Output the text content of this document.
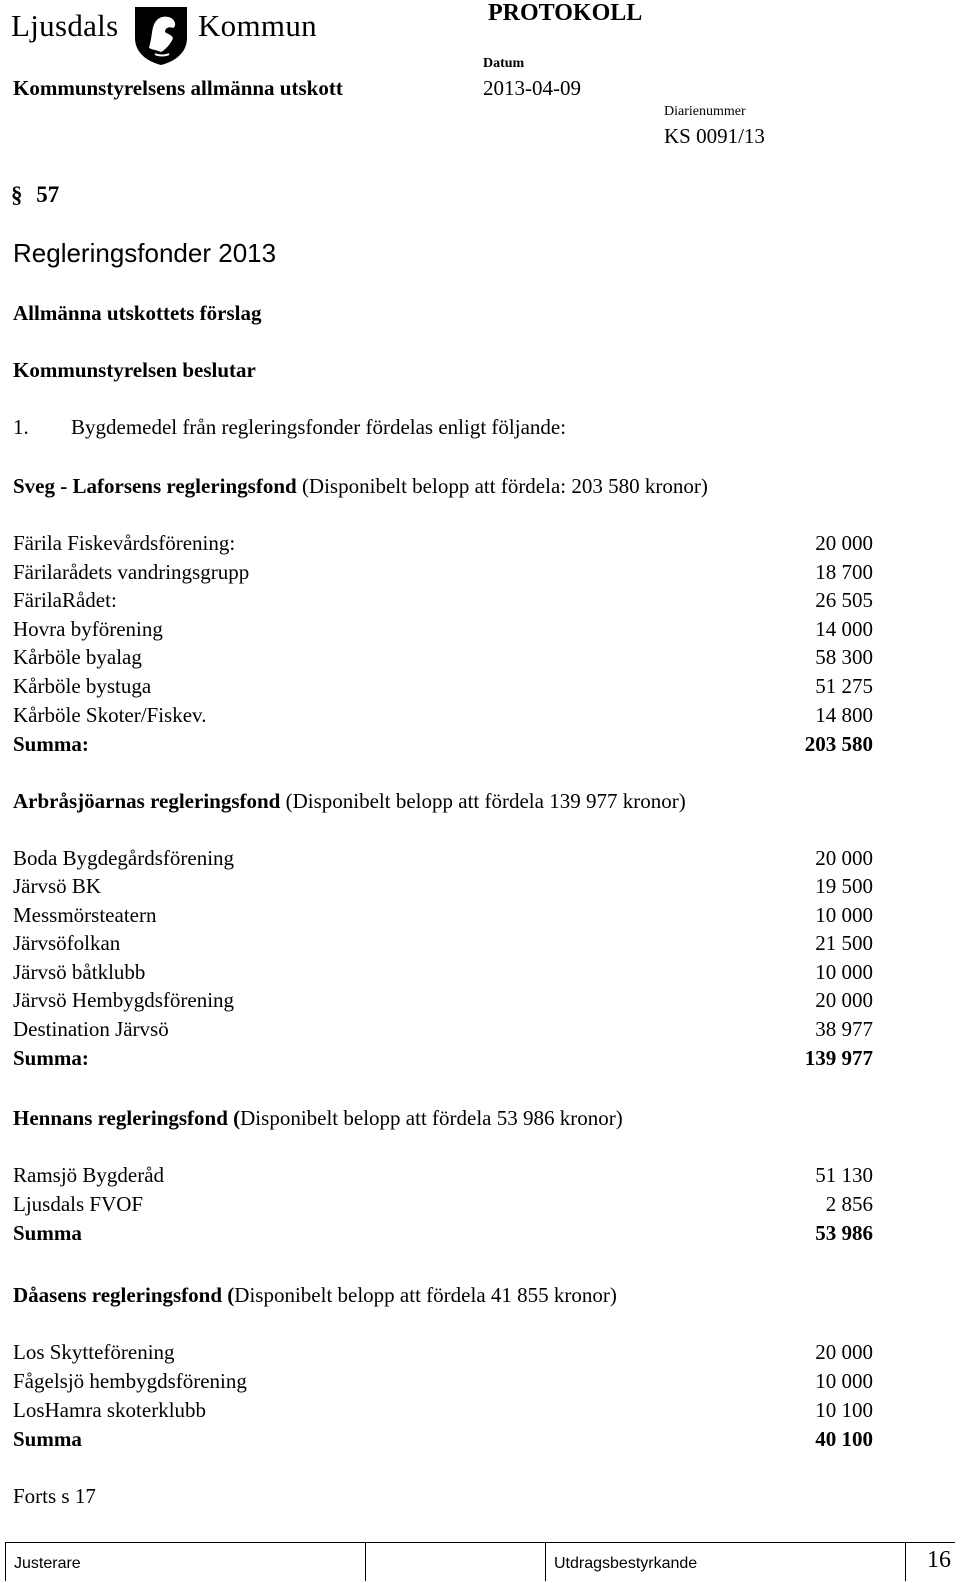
Ljusdals	Kommun	PROTOKOLL
Kommunstyrelsens allmänna utskott
Datum
2013-04-09
Diarienummer
KS 0091/13
§ 57
Regleringsfonder 2013
Allmänna utskottets förslag
Kommunstyrelsen beslutar
1. Bygdemedel från regleringsfonder fördelas enligt följande:
Sveg - Laforsens regleringsfond (Disponibelt belopp att fördela: 203 580 kronor)
Färila Fiskevårdsförening:	20 000
Färilarådets vandringsgrupp	18 700
FärilaRådet:	26 505
Hovra byförening	14 000
Kårböle byalag	58 300
Kårböle bystuga	51 275
Kårböle Skoter/Fiskev.	14 800
Summa:	203 580
Arbråsjöarnas regleringsfond (Disponibelt belopp att fördela 139 977 kronor)
Boda Bygdegårdsförening	20 000
Järvsö BK	19 500
Messmörsteatern	10 000
Järvsöfolkan	21 500
Järvsö båtklubb	10 000
Järvsö Hembygdsförening	20 000
Destination Järvsö	38 977
Summa:	139 977
Hennans regleringsfond (Disponibelt belopp att fördela 53 986 kronor)
Ramsjö Bygderåd	51 130
Ljusdals FVOF	2 856
Summa	53 986
Dåasens regleringsfond (Disponibelt belopp att fördela 41 855 kronor)
Los Skytteförening	20 000
Fågelsjö hembygdsförening	10 000
LosHamra skoterklubb	10 100
Summa	40 100
Forts s 17
Justerare	Utdragsbestyrkande	16
